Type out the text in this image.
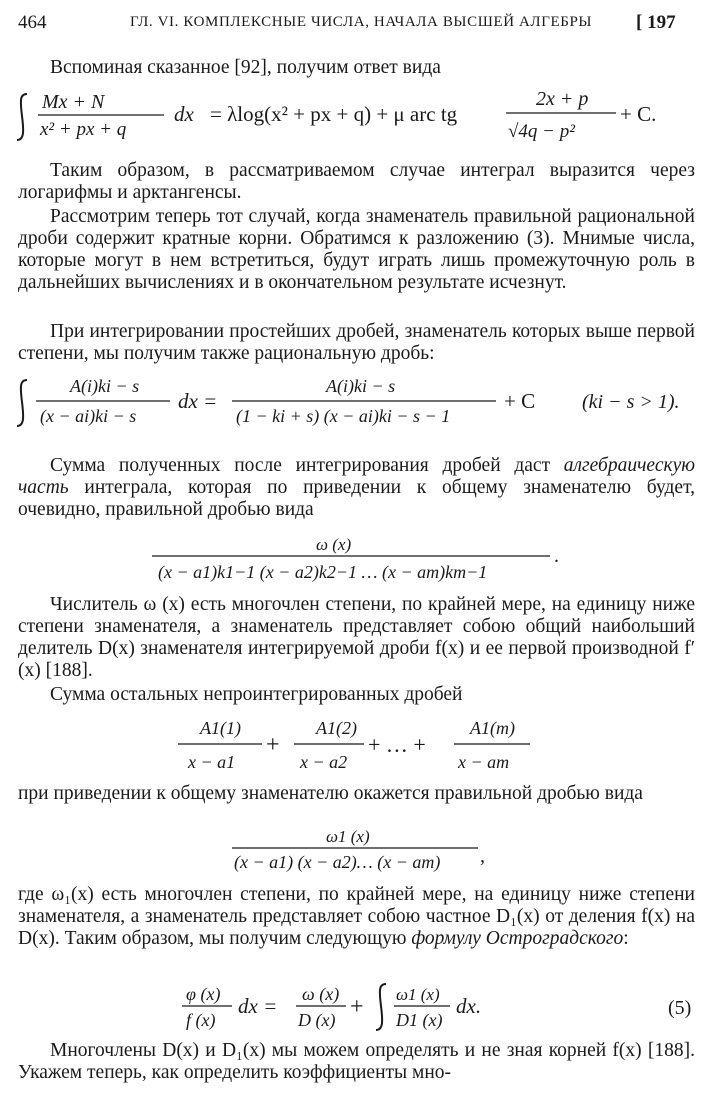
464	ГЛ. VI. КОМПЛЕКСНЫЕ ЧИСЛА, НАЧАЛА ВЫСШЕЙ АЛГЕБРЫ [ 197

Вспоминая сказанное [92], получим ответ вида

Mx + N
x² + px + q
dx = λlog(x² + px + q) + μ arc tg
2x + p
√4q − p²
+ C.

Таким образом, в рассматриваемом случае интеграл выразится через логарифмы и арктангенсы.

Рассмотрим теперь тот случай, когда знаменатель правильной рациональной дроби содержит кратные корни. Обратимся к разложению (3). Мнимые числа, которые могут в нем встретиться, будут играть лишь промежуточную роль в дальнейших вычислениях и в окончательном результате исчезнут.

При интегрировании простейших дробей, знаменатель которых выше первой степени, мы получим также рациональную дробь:

A(i)ki − s
(x − ai)ki − s
dx =
A(i)ki − s
(1 − ki + s) (x − ai)ki − s − 1
+ C (ki − s > 1).

Сумма полученных после интегрирования дробей даст алгебраическую часть интеграла, которая по приведении к общему знаменателю будет, очевидно, правильной дробью вида

ω (x)
(x − a1)k1−1 (x − a2)k2−1 … (x − am)km−1
.

Числитель ω (x) есть многочлен степени, по крайней мере, на единицу ниже степени знаменателя, а знаменатель представляет собою общий наибольший делитель D(x) знаменателя интегрируемой дроби f(x) и ее первой производной f′(x) [188].

Сумма остальных непроинтегрированных дробей

A1(1)
x − a1
+
A1(2)
x − a2
+ … +
A1(m)
x − am

при приведении к общему знаменателю окажется правильной дробью вида

ω1 (x)
(x − a1) (x − a2)… (x − am) ,

где ω₁(x) есть многочлен степени, по крайней мере, на единицу ниже степени знаменателя, а знаменатель представляет собою частное D₁(x) от деления f(x) на D(x). Таким образом, мы получим следующую формулу Остроградского:

φ (x)
f (x)
dx = ω (x)
D (x) + ω1 (x)
D1 (x)
dx.	(5)

Многочлены D(x) и D₁(x) мы можем определять и не зная корней f(x) [188]. Укажем теперь, как определить коэффициенты мно-
